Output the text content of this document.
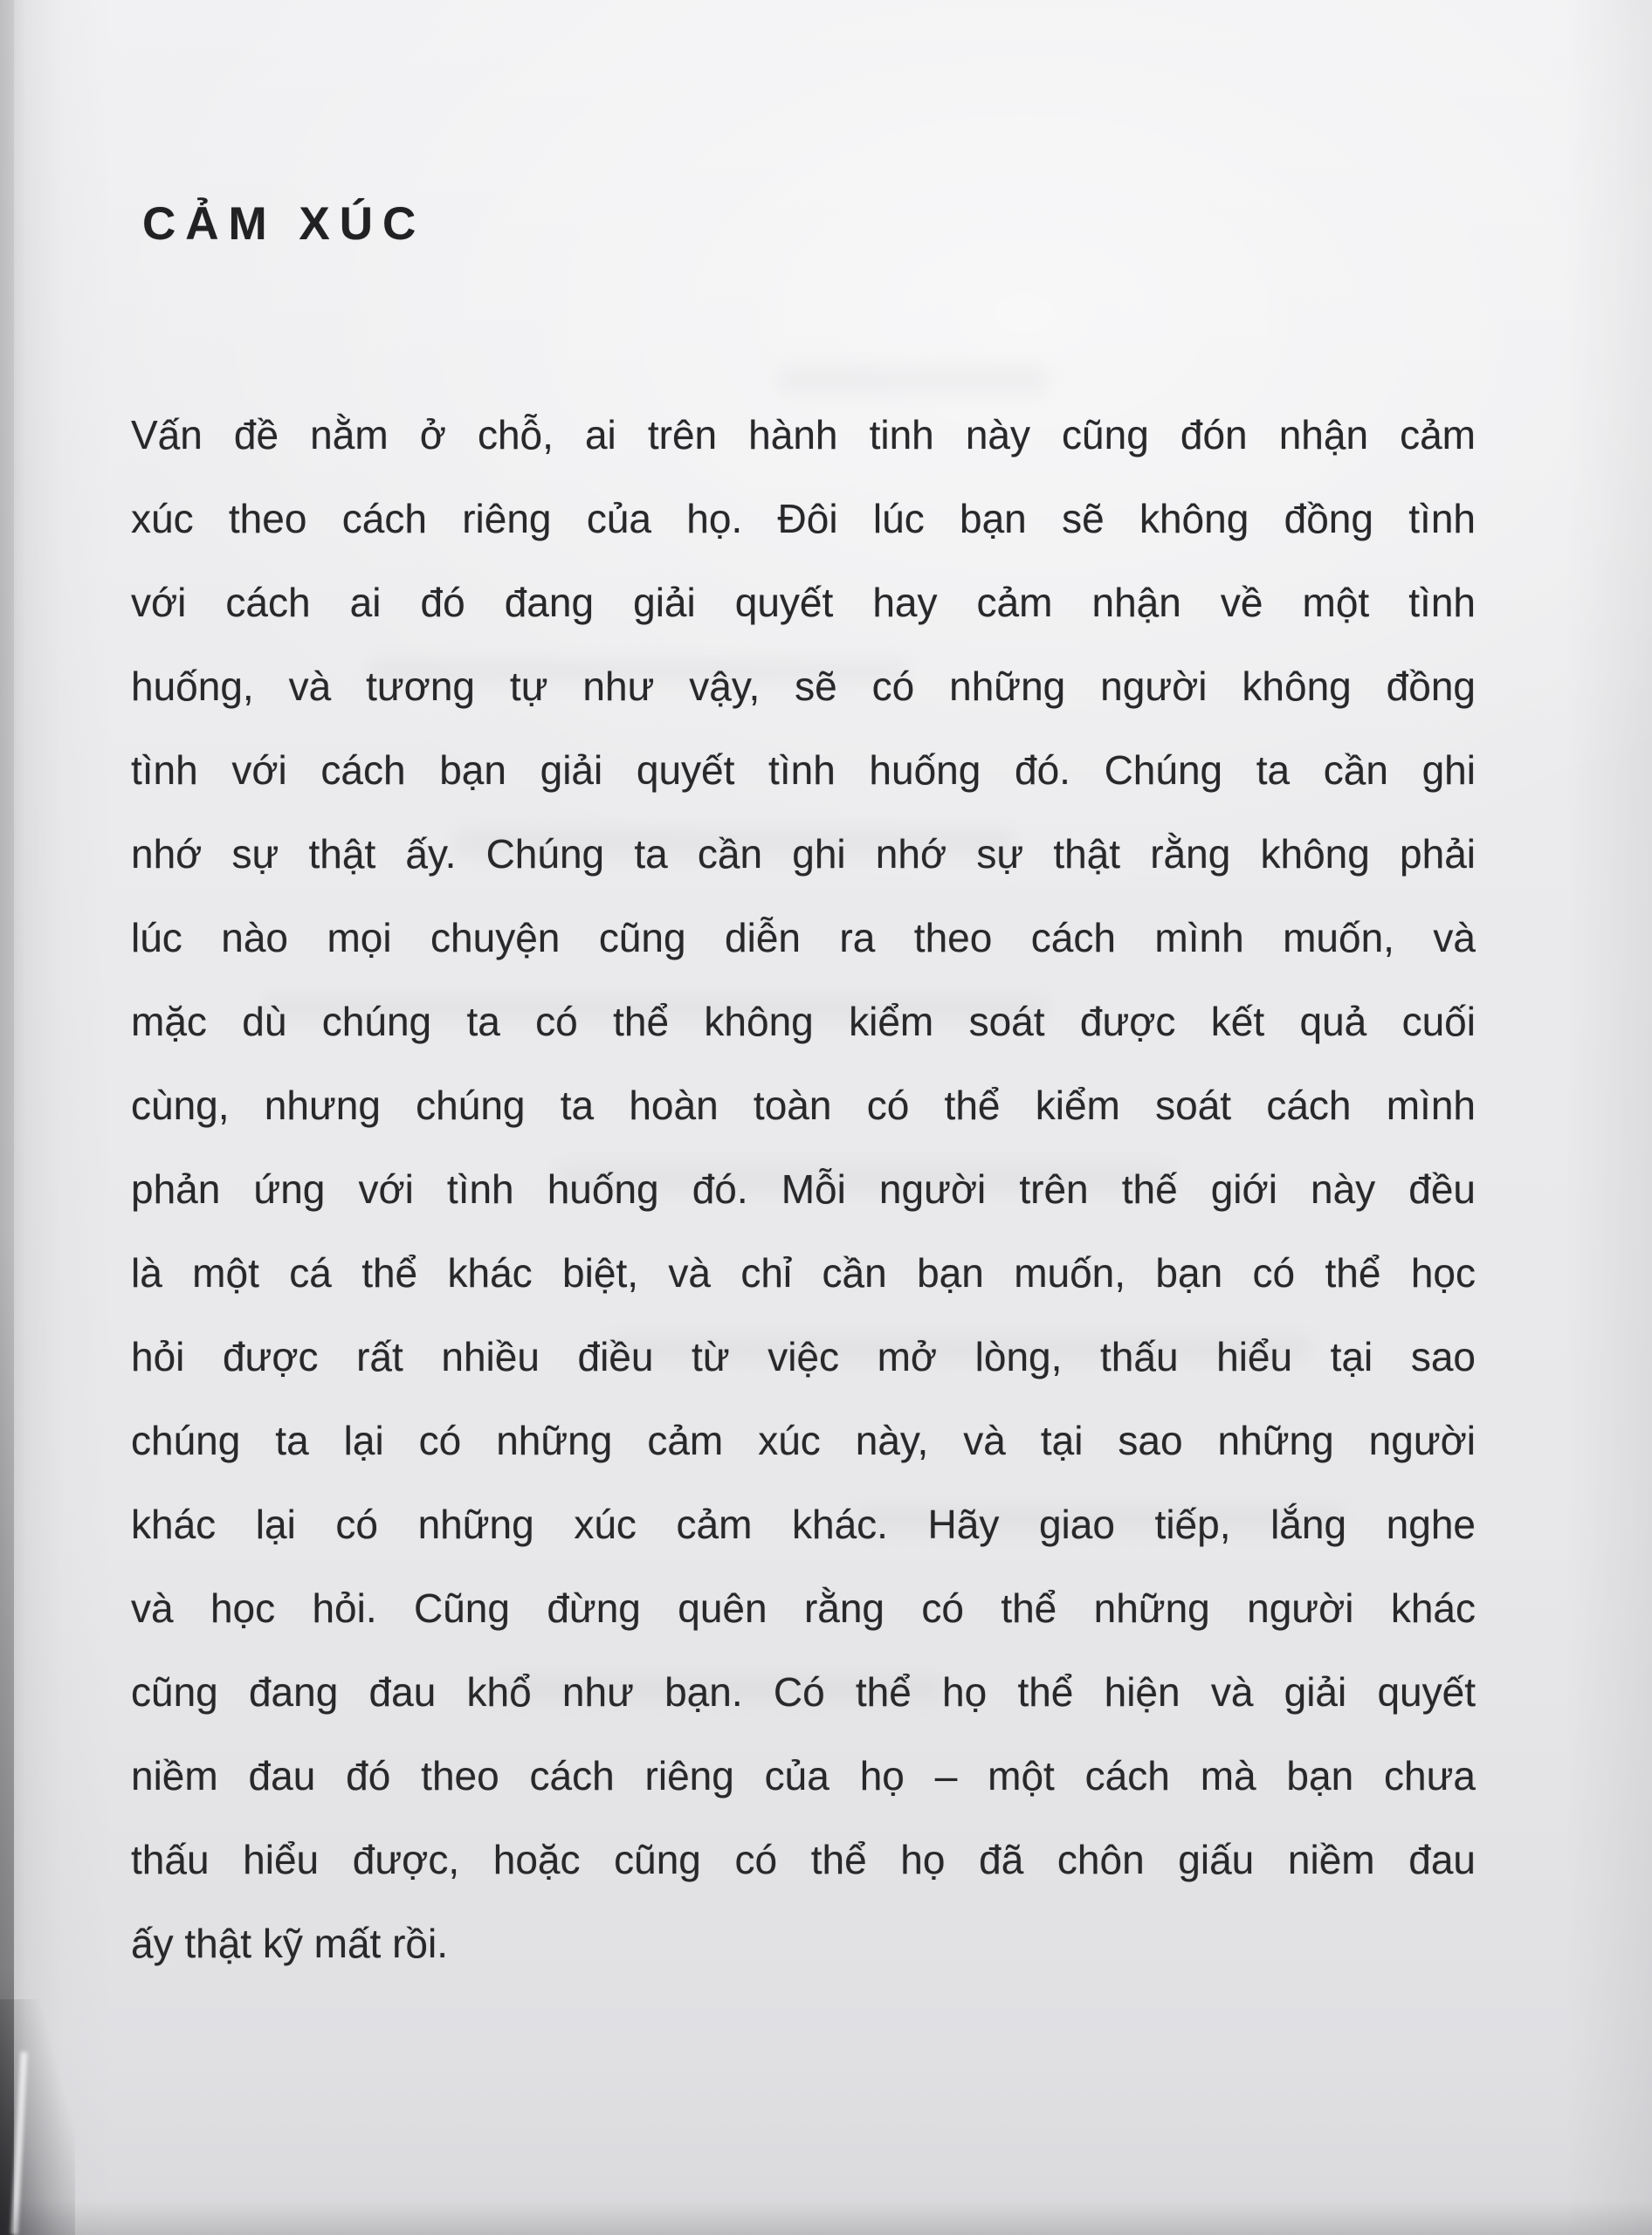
CẢM XÚC
Vấn đề nằm ở chỗ, ai trên hành tinh này cũng đón nhận cảm
xúc theo cách riêng của họ. Đôi lúc bạn sẽ không đồng tình
với cách ai đó đang giải quyết hay cảm nhận về một tình
huống, và tương tự như vậy, sẽ có những người không đồng
tình với cách bạn giải quyết tình huống đó. Chúng ta cần ghi
nhớ sự thật ấy. Chúng ta cần ghi nhớ sự thật rằng không phải
lúc nào mọi chuyện cũng diễn ra theo cách mình muốn, và
mặc dù chúng ta có thể không kiểm soát được kết quả cuối
cùng, nhưng chúng ta hoàn toàn có thể kiểm soát cách mình
phản ứng với tình huống đó. Mỗi người trên thế giới này đều
là một cá thể khác biệt, và chỉ cần bạn muốn, bạn có thể học
hỏi được rất nhiều điều từ việc mở lòng, thấu hiểu tại sao
chúng ta lại có những cảm xúc này, và tại sao những người
khác lại có những xúc cảm khác. Hãy giao tiếp, lắng nghe
và học hỏi. Cũng đừng quên rằng có thể những người khác
cũng đang đau khổ như bạn. Có thể họ thể hiện và giải quyết
niềm đau đó theo cách riêng của họ – một cách mà bạn chưa
thấu hiểu được, hoặc cũng có thể họ đã chôn giấu niềm đau
ấy thật kỹ mất rồi.
